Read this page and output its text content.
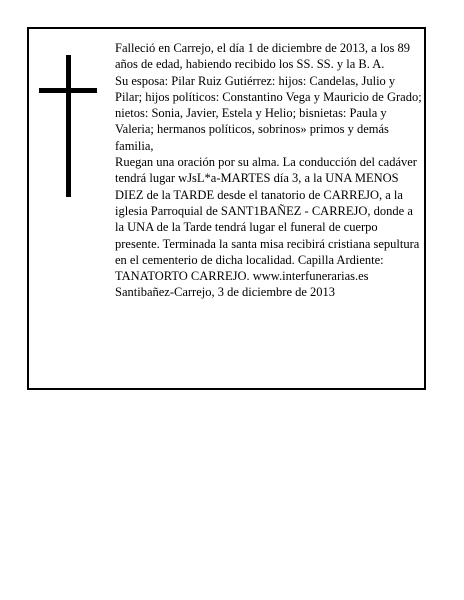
Falleció en Carrejo, el día 1 de diciembre de 2013, a los 89 años de edad, habiendo recibido los SS. SS. y la B. A.

Su esposa: Pilar Ruiz Gutiérrez: hijos: Candelas, Julio y Pilar; hijos políticos: Constantino Vega y Mauricio de Grado; nietos: Sonia, Javier, Estela y Helio; bisnietas: Paula y Valeria; hermanos políticos, sobrinos» primos y demás familia,

Ruegan una oración por su alma. La conducción del cadáver tendrá lugar wJsL*a-MARTES día 3, a la UNA MENOS DIEZ de la TARDE desde el tanatorio de CARREJO, a la iglesia Parroquial de SANT1BAÑEZ - CARREJO, donde a la UNA de la Tarde tendrá lugar el funeral de cuerpo presente. Terminada la santa misa recibirá cristiana sepultura en el cementerio de dicha localidad. Capilla Ardiente: TANATORTO CARREJO. www.interfunerarias.es Santibañez-Carrejo, 3 de diciembre de 2013
